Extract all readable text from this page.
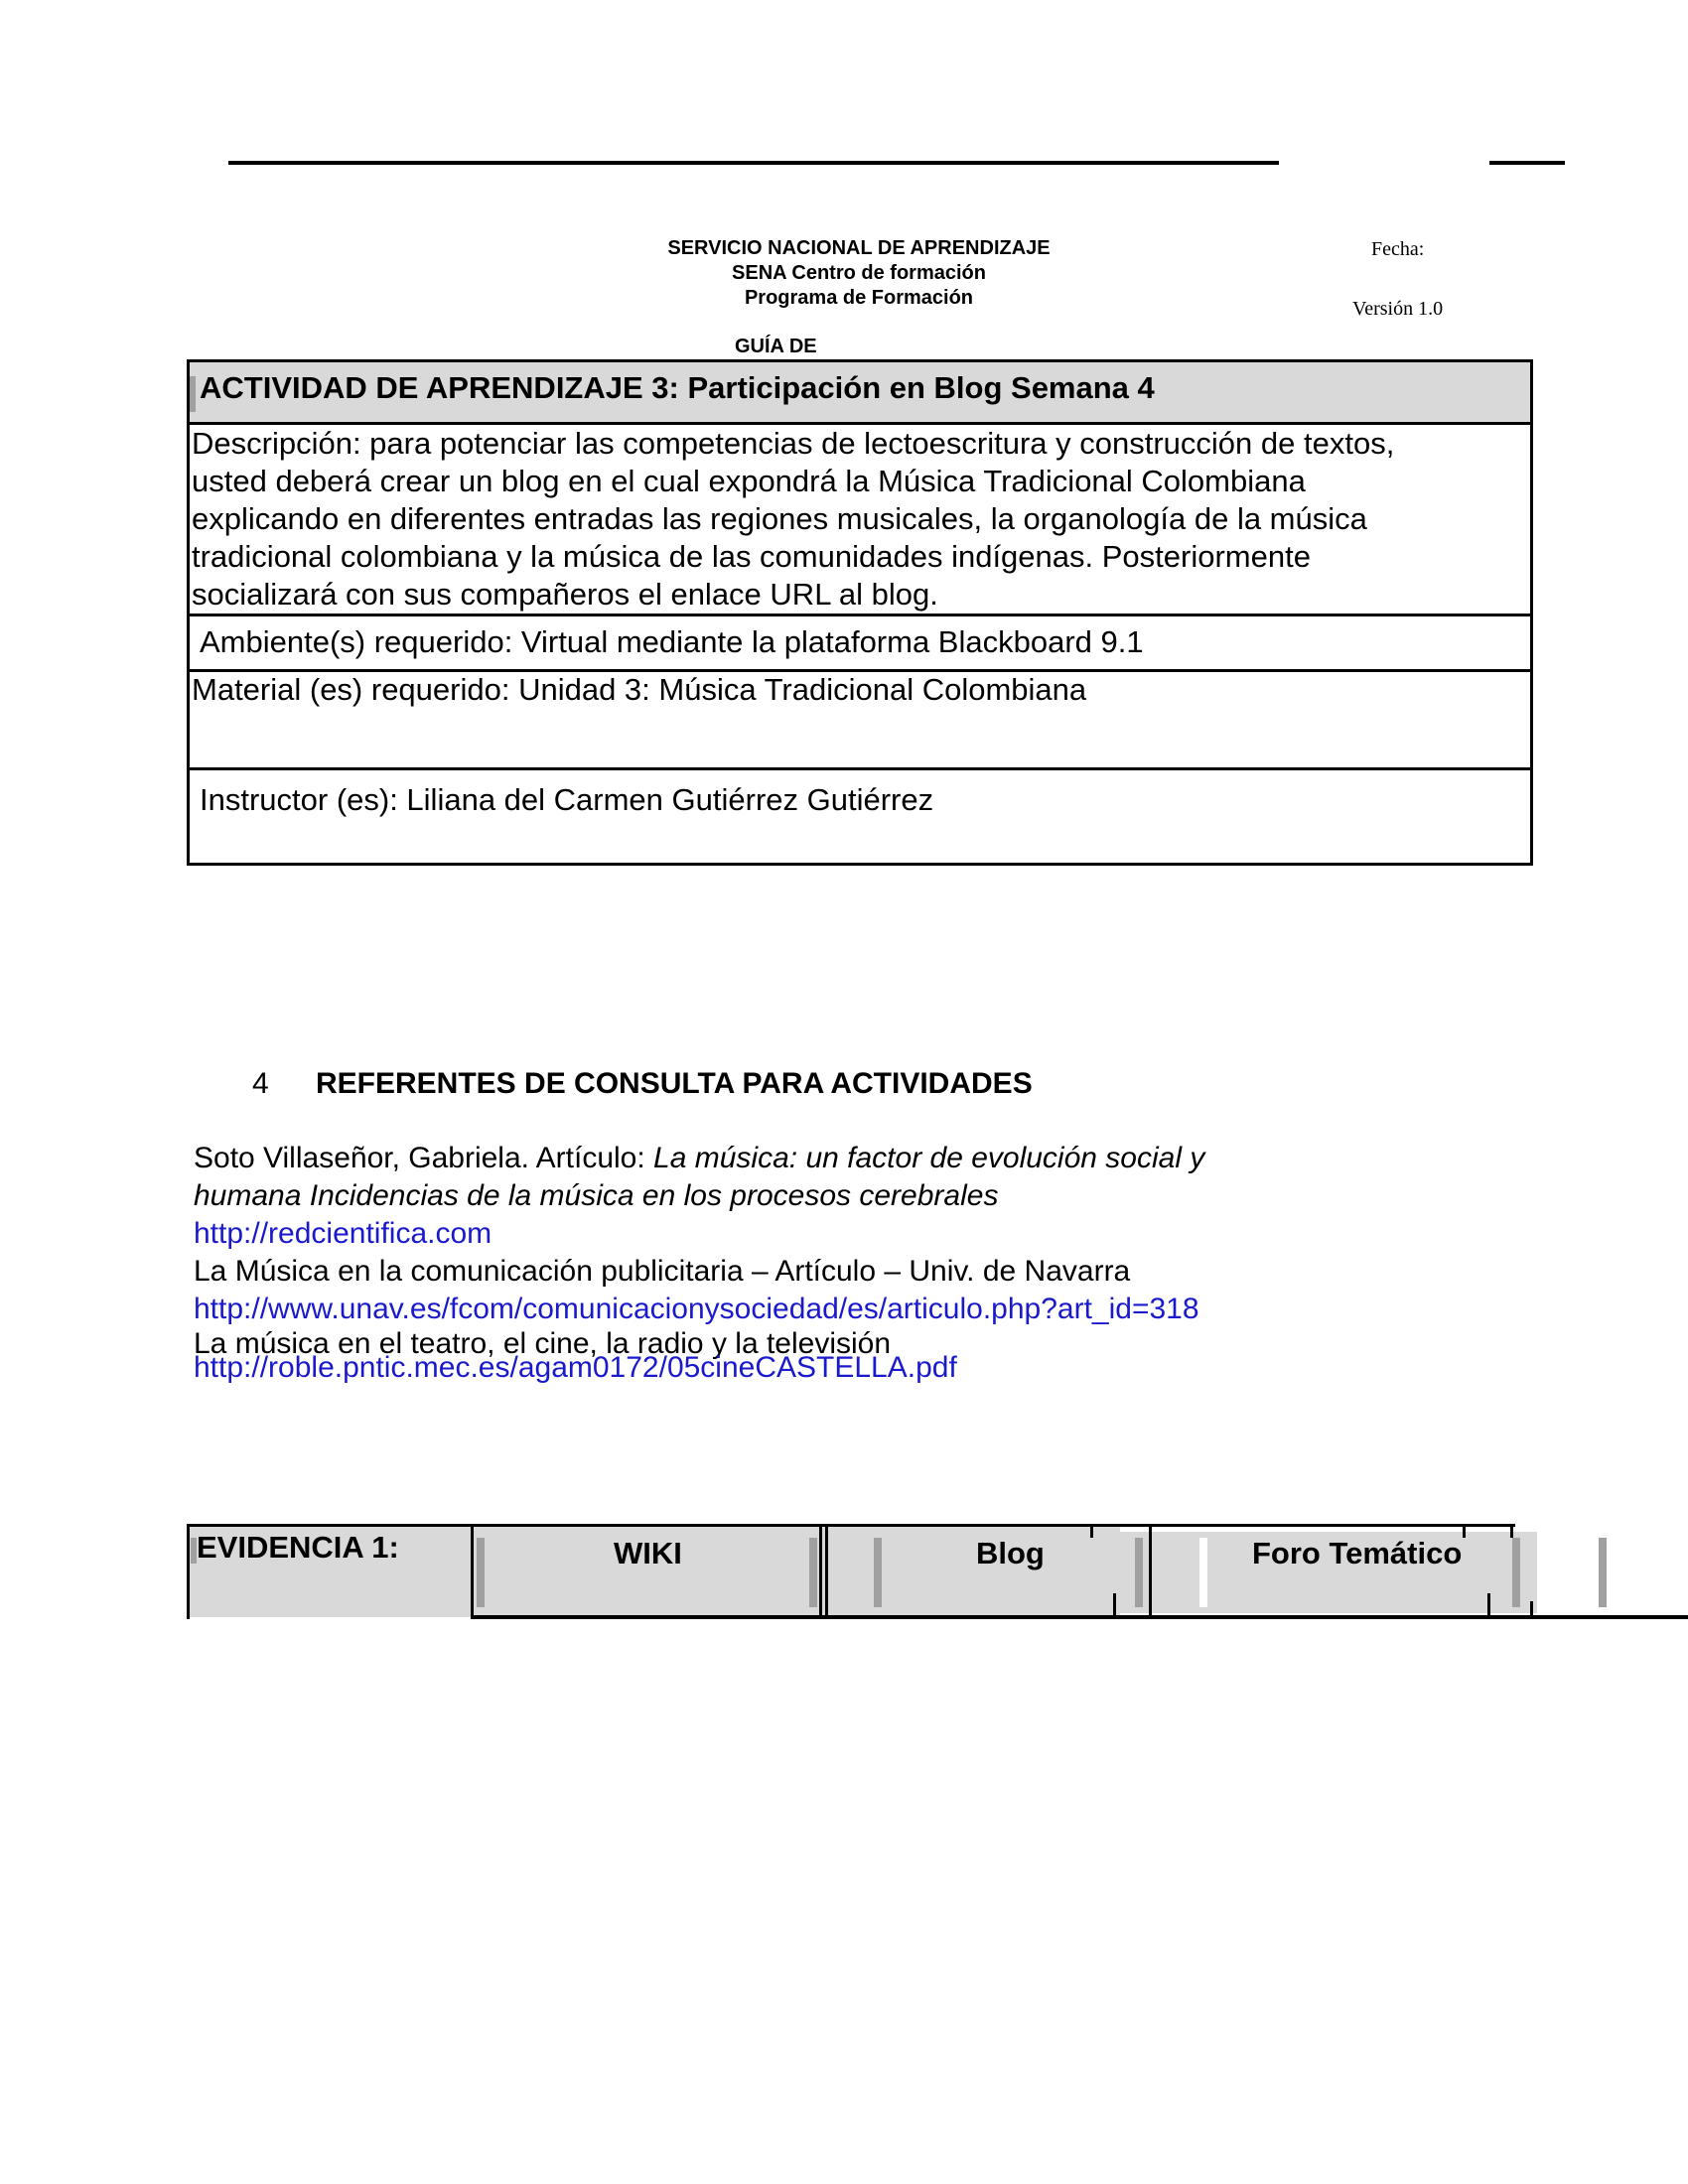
SERVICIO NACIONAL DE APRENDIZAJE
SENA Centro de formación
Programa de Formación
Fecha:
Versión 1.0
GUÍA DE
ACTIVIDAD DE APRENDIZAJE 3: Participación en Blog Semana 4
Descripción: para potenciar las competencias de lectoescritura y construcción de textos,
usted deberá crear un blog en el cual expondrá la Música Tradicional Colombiana
explicando en diferentes entradas las regiones musicales, la organología de la música
tradicional colombiana y la música de las comunidades indígenas. Posteriormente
socializará con sus compañeros el enlace URL al blog.
Ambiente(s) requerido: Virtual mediante la plataforma Blackboard 9.1
Material (es) requerido: Unidad 3: Música Tradicional Colombiana
Instructor (es): Liliana del Carmen Gutiérrez Gutiérrez
4 REFERENTES DE CONSULTA PARA ACTIVIDADES
Soto Villaseñor, Gabriela. Artículo: La música: un factor de evolución social y
humana Incidencias de la música en los procesos cerebrales
http://redcientifica.com
La Música en la comunicación publicitaria – Artículo – Univ. de Navarra
http://www.unav.es/fcom/comunicacionysociedad/es/articulo.php?art_id=318
La música en el teatro, el cine, la radio y la televisión
http://roble.pntic.mec.es/agam0172/05cineCASTELLA.pdf
EVIDENCIA 1:	WIKI	Blog	Foro Temático
